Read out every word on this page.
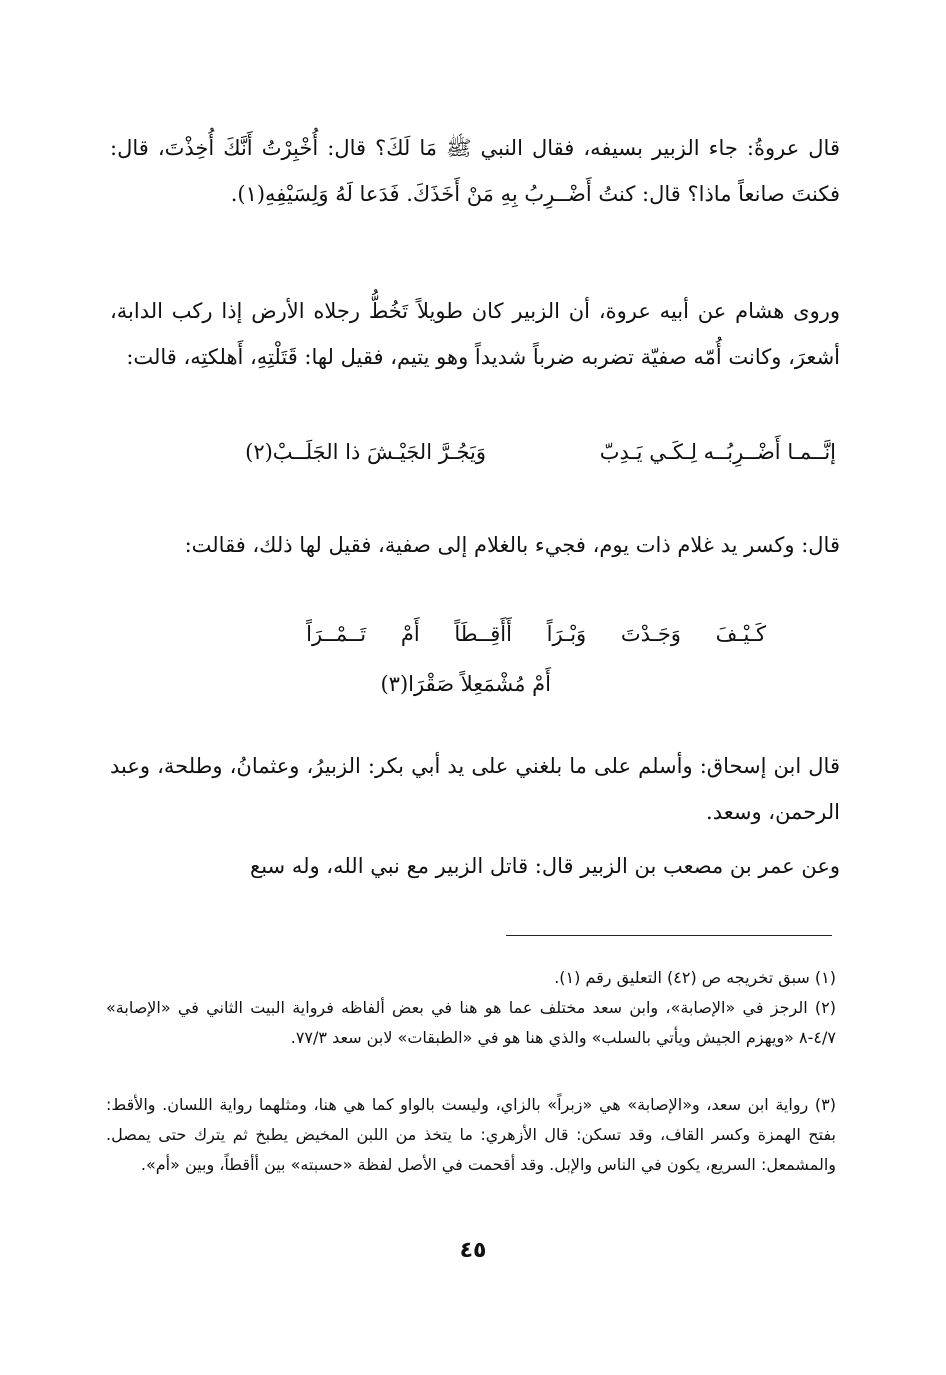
قال عروةُ: جاء الزبير بسيفه، فقال النبي ﷺ مَا لَكَ؟ قال: أُخْبِرْتُ أَنَّكَ أُخِذْتَ، قال: فكنتَ صانعاً ماذا؟ قال: كنتُ أَضْــرِبُ بِهِ مَنْ أَخَذَكَ. فَدَعا لَهُ وَلِسَيْفِهِ(١).

وروى هشام عن أبيه عروة، أن الزبير كان طويلاً تَخُطُّ رجلاه الأرض إذا ركب الدابة، أشعرَ، وكانت أُمّه صفيّة تضربه ضرباً شديداً وهو يتيم، فقيل لها: قَتَلْتِهِ، أَهلكتِه، قالت:

إنَّــمـا أَضْــرِبُــه لِـكَـي يَـدِبّ
وَيَجُـرَّ الجَيْـشَ ذا الجَلَــبْ(٢)

قال: وكسر يد غلام ذات يوم، فجيء بالغلام إلى صفية، فقيل لها ذلك، فقالت:

كَـيْـفَ وَجَـدْتَ وَبْـرَاً أَأَقِــطَاً أَمْ تَــمْــرَاً
أَمْ مُشْمَعِلاً صَقْرَا(٣)

قال ابن إسحاق: وأسلم على ما بلغني على يد أبي بكر: الزبيرُ، وعثمانُ، وطلحة، وعبد الرحمن، وسعد.

وعن عمر بن مصعب بن الزبير قال: قاتل الزبير مع نبي الله، وله سبع

(١) سبق تخريجه ص (٤٢) التعليق رقم (١).

(٢) الرجز في «الإصابة»، وابن سعد مختلف عما هو هنا في بعض ألفاظه فرواية البيت الثاني في «الإصابة» ٤/٧-٨ «ويهزم الجيش ويأتي بالسلب» والذي هنا هو في «الطبقات» لابن سعد ٧٧/٣.

(٣) رواية ابن سعد، و«الإصابة» هي «زبراً» بالزاي، وليست بالواو كما هي هنا، ومثلهما رواية اللسان. والأقط: بفتح الهمزة وكسر القاف، وقد تسكن: قال الأزهري: ما يتخذ من اللبن المخيض يطبخ ثم يترك حتى يمصل. والمشمعل: السريع، يكون في الناس والإبل. وقد أقحمت في الأصل لفظة «حسبته» بين أأقطاً، وبين «أم».

٤٥
